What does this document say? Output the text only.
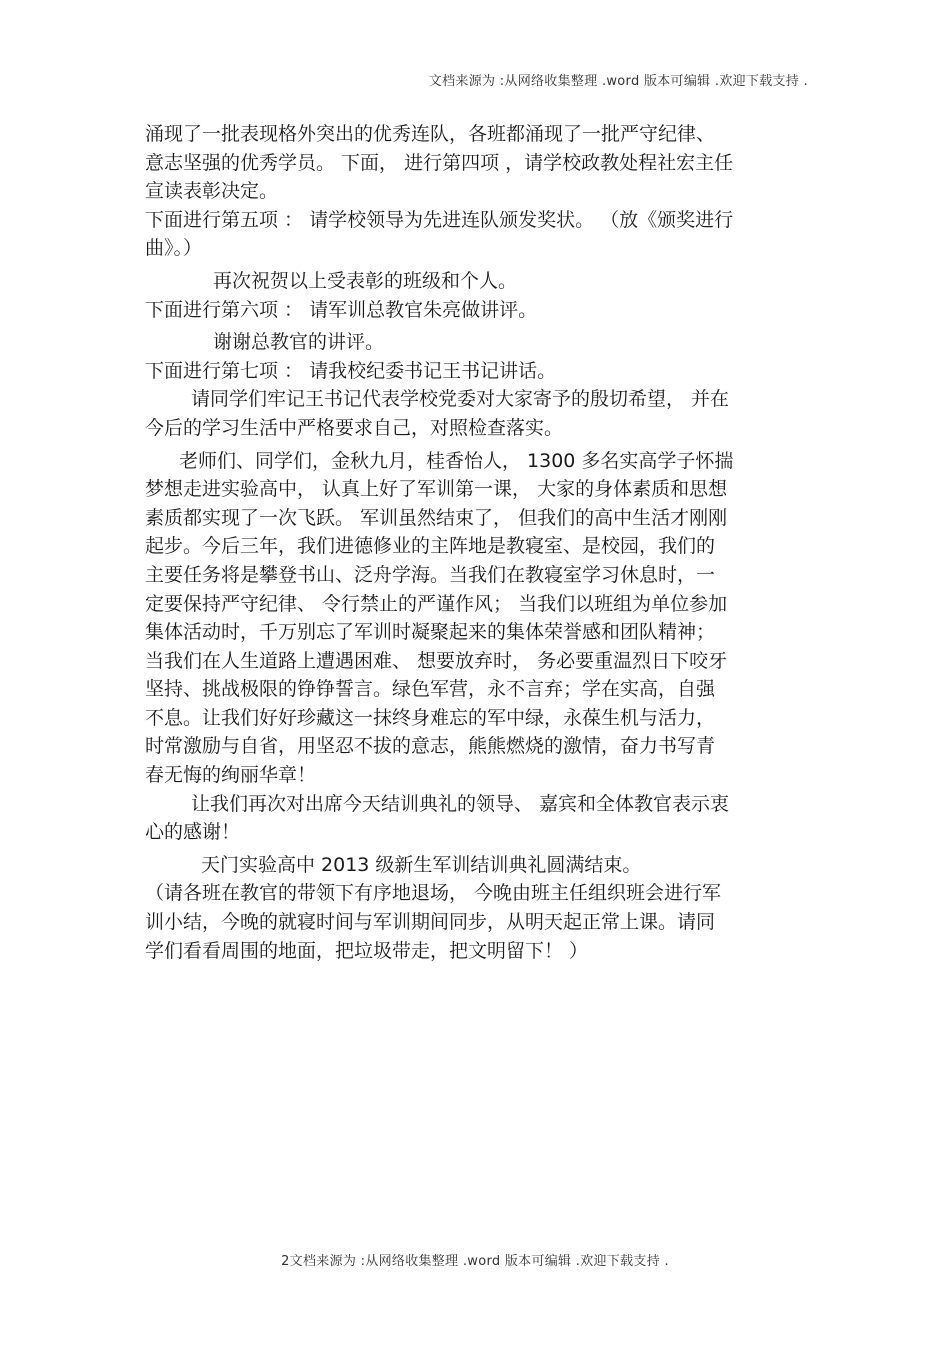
文档来源为 :从网络收集整理 .word 版本可编辑 .欢迎下载支持 .
涌现了一批表现格外突出的优秀连队，各班都涌现了一批严守纪律、
意志坚强的优秀学员。 下面， 进行第四项 ，请学校政教处程社宏主任
宣读表彰决定。
下面进行第五项 ： 请学校领导为先进连队颁发奖状。 （放《颁奖进行
曲》。）
再次祝贺以上受表彰的班级和个人。
下面进行第六项 ： 请军训总教官朱亮做讲评。
谢谢总教官的讲评。
下面进行第七项 ： 请我校纪委书记王书记讲话。
请同学们牢记王书记代表学校党委对大家寄予的殷切希望， 并在
今后的学习生活中严格要求自己，对照检查落实。
老师们、同学们，金秋九月，桂香怡人， 1300 多名实高学子怀揣
梦想走进实验高中， 认真上好了军训第一课， 大家的身体素质和思想
素质都实现了一次飞跃。 军训虽然结束了， 但我们的高中生活才刚刚
起步。今后三年，我们进德修业的主阵地是教寝室、是校园，我们的
主要任务将是攀登书山、泛舟学海。当我们在教寝室学习休息时，一
定要保持严守纪律、 令行禁止的严谨作风； 当我们以班组为单位参加
集体活动时，千万别忘了军训时凝聚起来的集体荣誉感和团队精神；
当我们在人生道路上遭遇困难、 想要放弃时， 务必要重温烈日下咬牙
坚持、挑战极限的铮铮誓言。绿色军营，永不言弃；学在实高，自强
不息。让我们好好珍藏这一抹终身难忘的军中绿，永葆生机与活力，
时常激励与自省，用坚忍不拔的意志，熊熊燃烧的激情，奋力书写青
春无悔的绚丽华章！
让我们再次对出席今天结训典礼的领导、 嘉宾和全体教官表示衷
心的感谢！
天门实验高中 2013 级新生军训结训典礼圆满结束。
（请各班在教官的带领下有序地退场， 今晚由班主任组织班会进行军
训小结，今晚的就寝时间与军训期间同步，从明天起正常上课。请同
学们看看周围的地面，把垃圾带走，把文明留下！ ）
2文档来源为 :从网络收集整理 .word 版本可编辑 .欢迎下载支持 .
